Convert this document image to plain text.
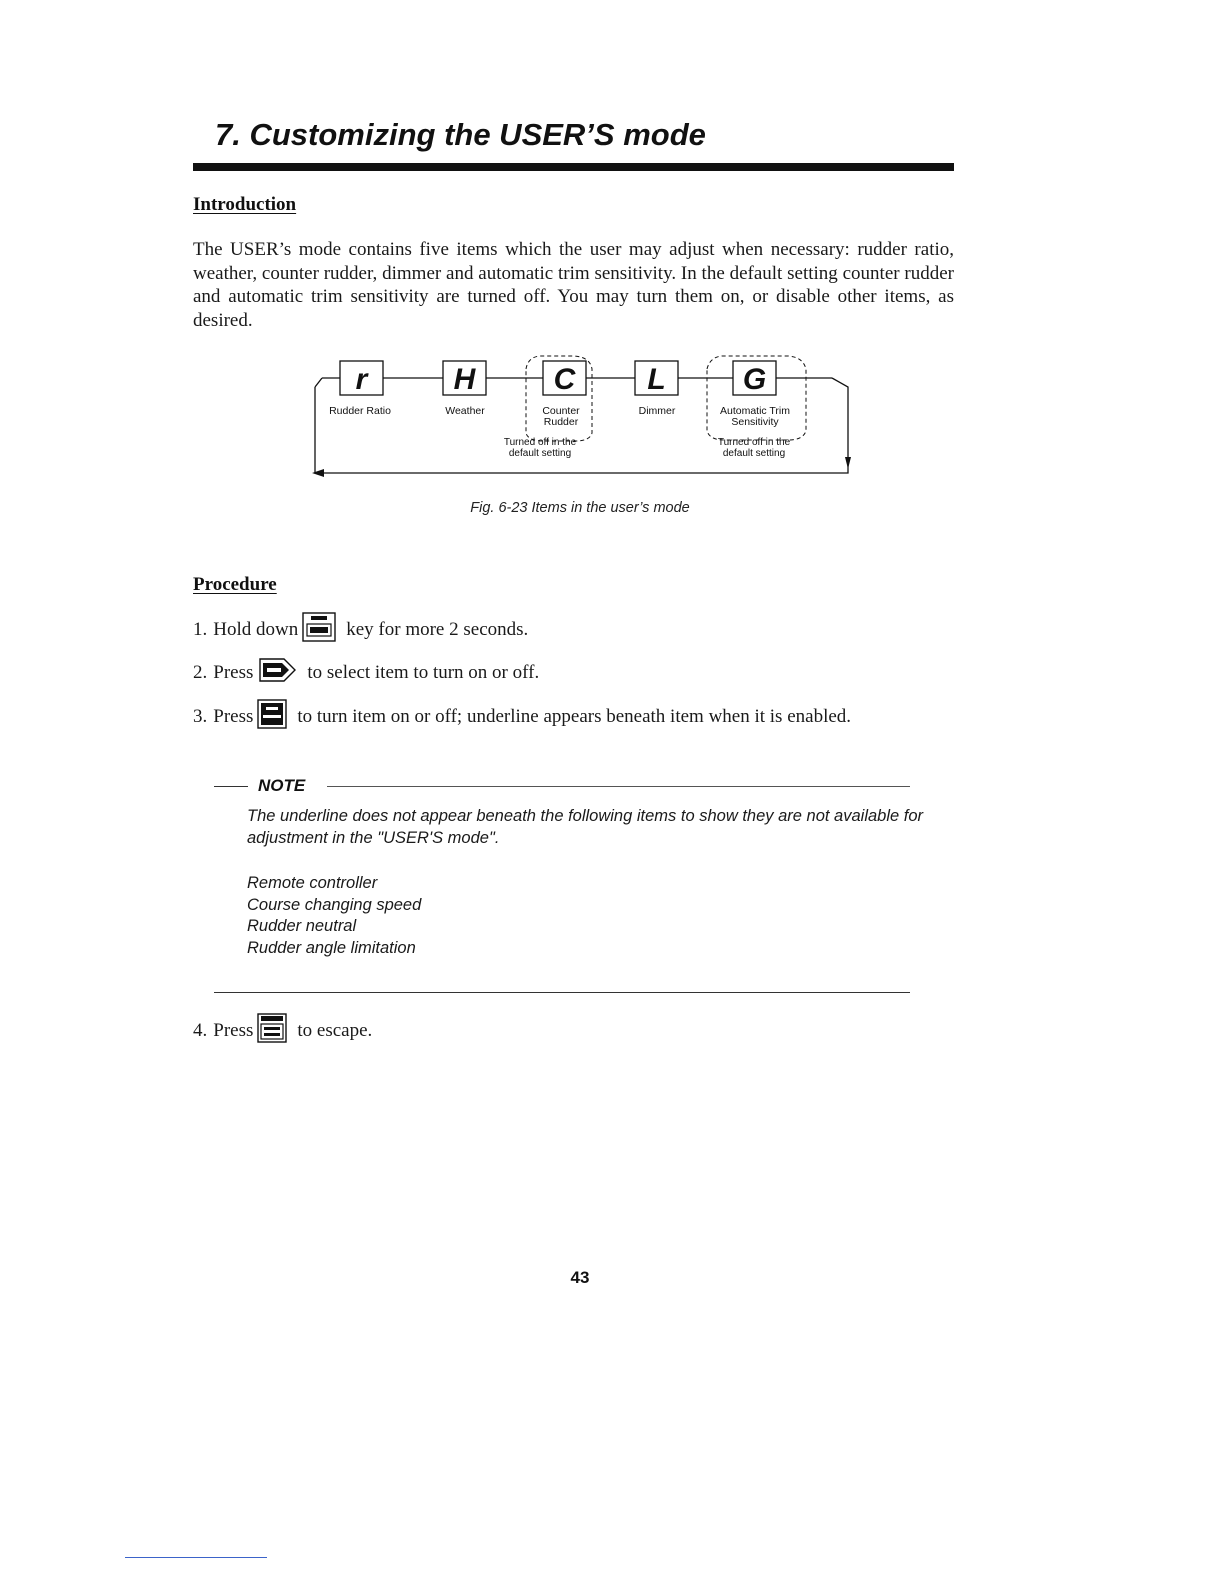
7. Customizing the USER’S mode
Introduction

The USER’s mode contains five items which the user may adjust when necessary: rudder ratio, weather, counter rudder, dimmer and automatic trim sensitivity. In the default setting counter rudder and automatic trim sensitivity are turned off. You may turn them on, or disable other items, as desired.

r	H	C L	G
Rudder Ratio	Weather	Counter
Rudder
Dimmer	Automatic Trim
Sensitivity
Turned off in the
default setting
Turned off in the
default setting

Fig. 6-23 Items in the user’s mode

Procedure
1. Hold down	key for more 2 seconds.
2. Press	to select item to turn on or off.
3. Press to turn item on or off; underline appears beneath item when it is enabled.
NOTE

The underline does not appear beneath the following items to show they are not available for adjustment in the "USER'S mode".

Remote controller
Course changing speed
Rudder neutral
Rudder angle limitation
4. Press to escape.

43
